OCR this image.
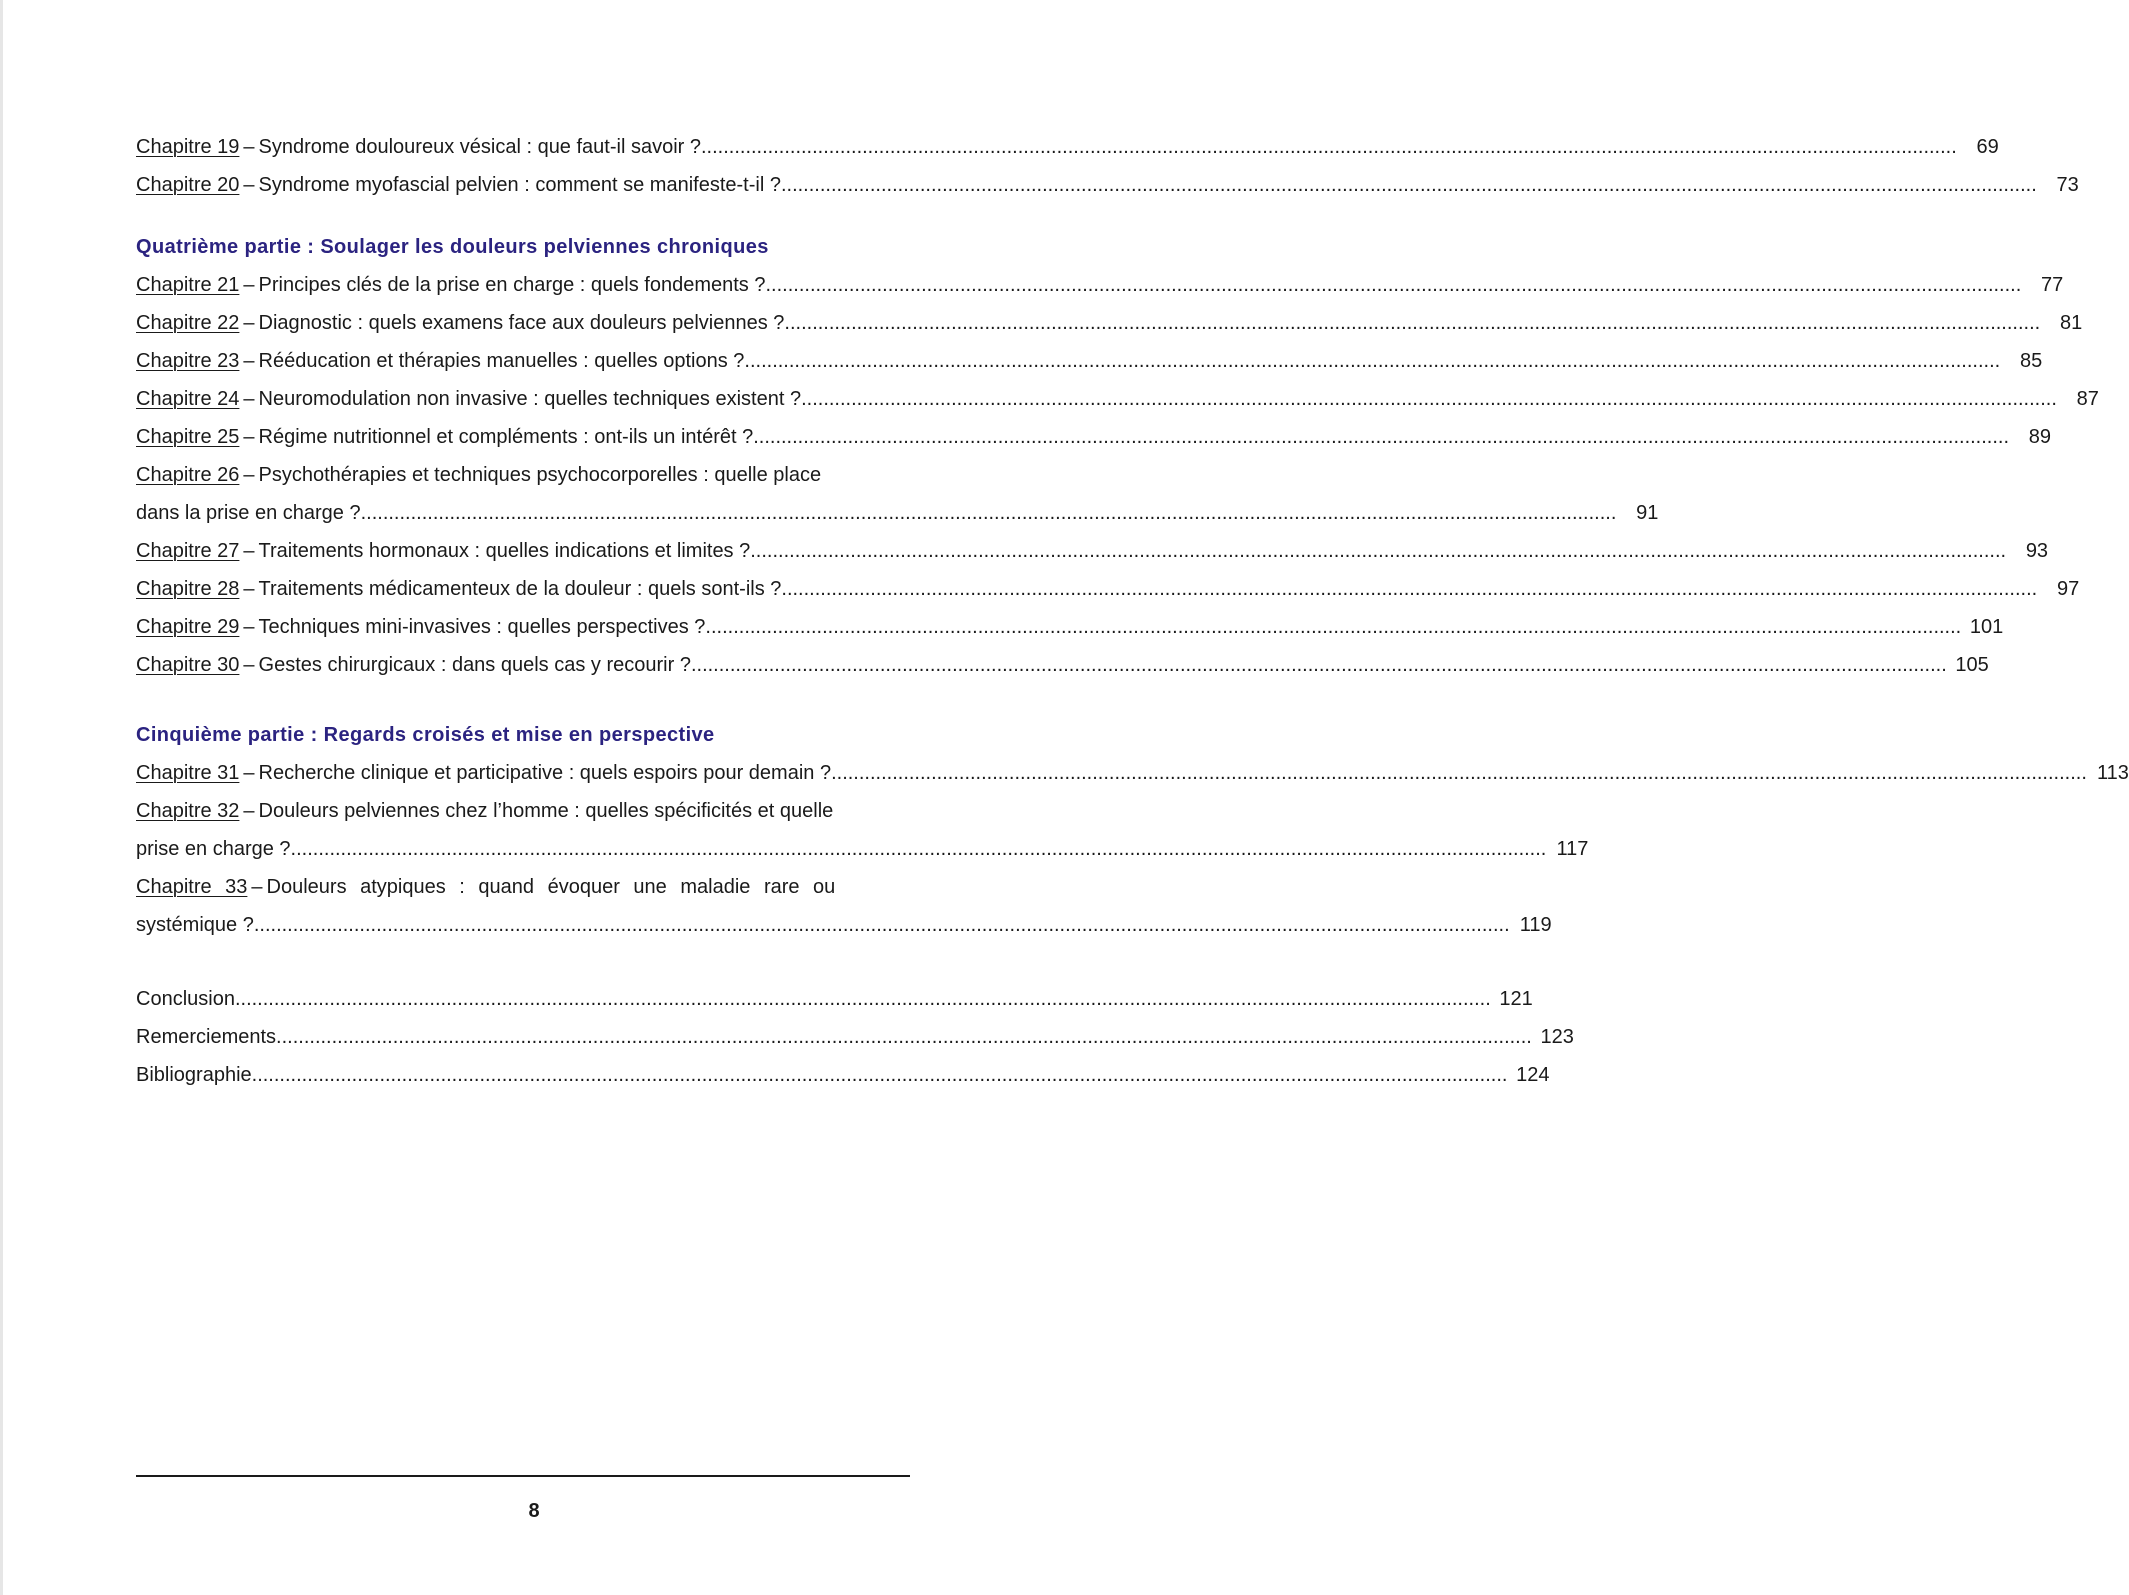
Chapitre 19 – Syndrome douloureux vésical : que faut-il savoir ? .....	69
Chapitre 20 – Syndrome myofascial pelvien : comment se manifeste-t-il ? .....	73
Quatrième partie : Soulager les douleurs pelviennes chroniques
Chapitre 21 – Principes clés de la prise en charge : quels fondements ? .....	77
Chapitre 22 – Diagnostic : quels examens face aux douleurs pelviennes ? .....	81
Chapitre 23 – Rééducation et thérapies manuelles : quelles options ? .....	85
Chapitre 24 – Neuromodulation non invasive : quelles techniques existent ? .....	87
Chapitre 25 – Régime nutritionnel et compléments : ont-ils un intérêt ? .....	89
Chapitre 26 – Psychothérapies et techniques psychocorporelles : quelle place
dans la prise en charge ? .....	91
Chapitre 27 – Traitements hormonaux : quelles indications et limites ? .....	93
Chapitre 28 – Traitements médicamenteux de la douleur : quels sont-ils ? .....	97
Chapitre 29 – Techniques mini-invasives : quelles perspectives ? .....	101
Chapitre 30 – Gestes chirurgicaux : dans quels cas y recourir ? .....	105
Cinquième partie : Regards croisés et mise en perspective
Chapitre 31 – Recherche clinique et participative : quels espoirs pour demain ? .....	113
Chapitre 32 – Douleurs pelviennes chez l’homme : quelles spécificités et quelle
prise en charge ? .....	117
Chapitre 33 – Douleurs atypiques : quand évoquer une maladie rare ou
systémique ? .....	119
Conclusion .....	121
Remerciements .....	123
Bibliographie .....	124
8
